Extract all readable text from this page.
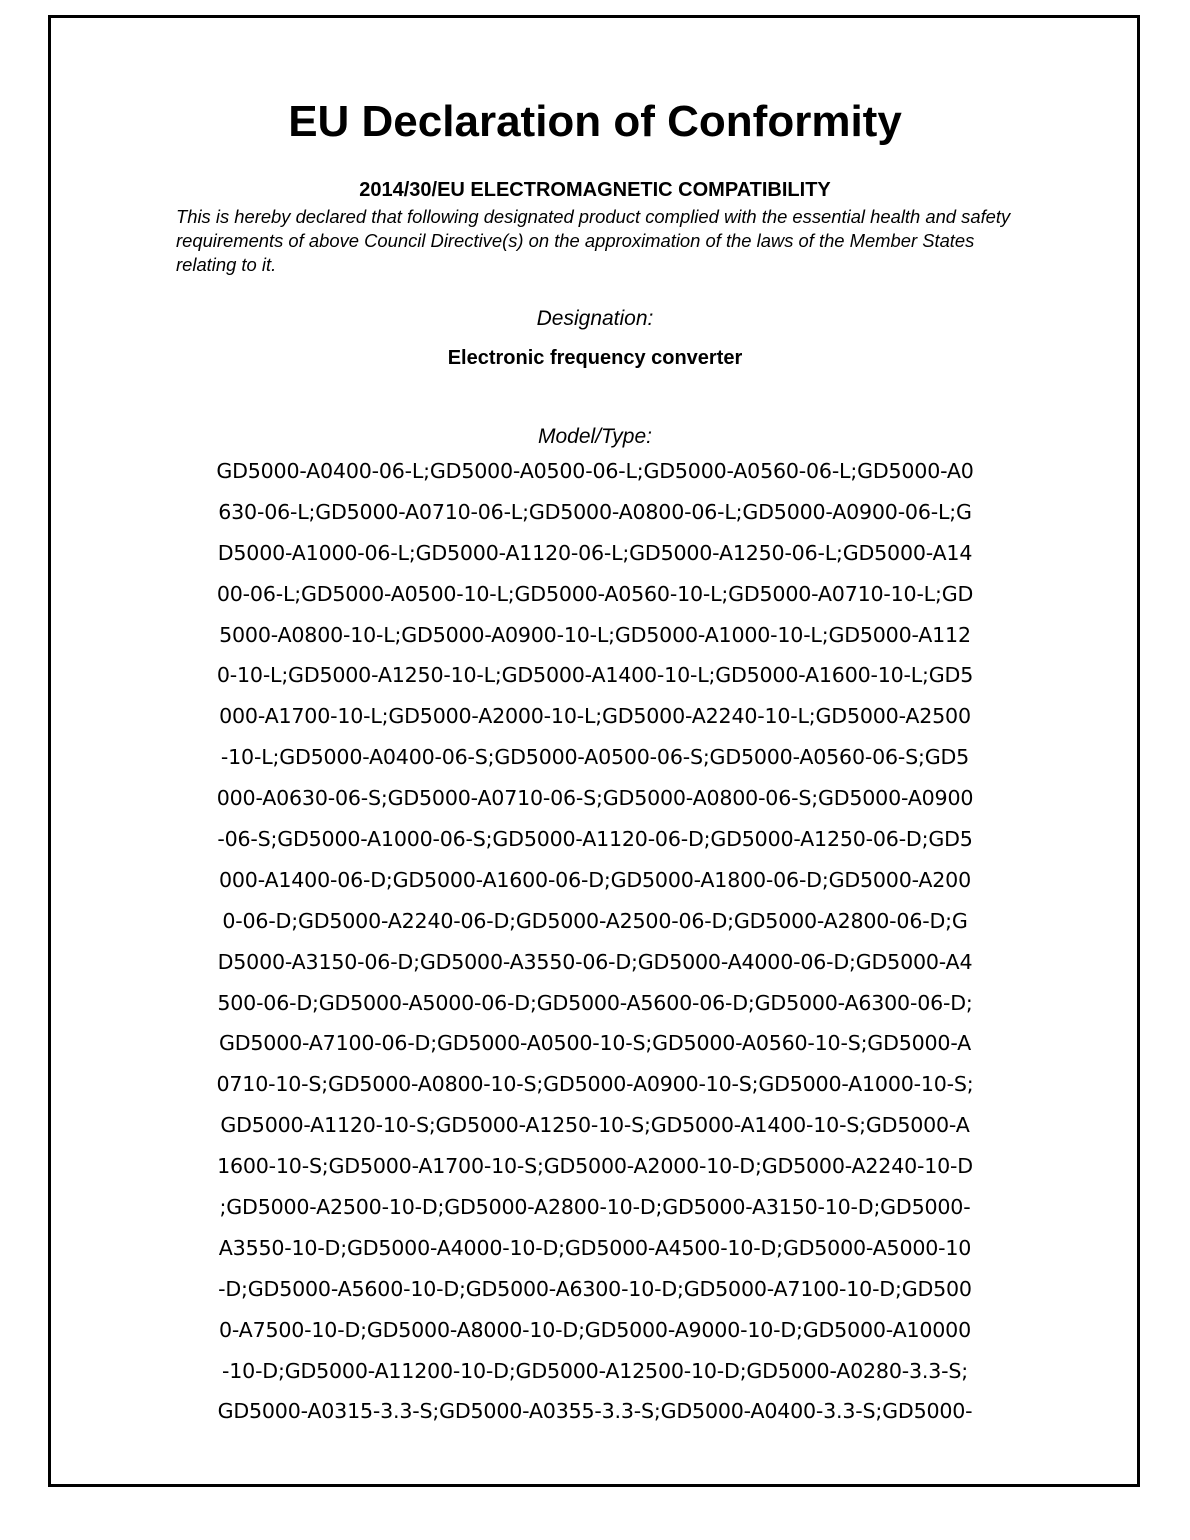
EU Declaration of Conformity

2014/30/EU ELECTROMAGNETIC COMPATIBILITY

This is hereby declared that following designated product complied with the essential health and safety requirements of above Council Directive(s) on the approximation of the laws of the Member States relating to it.

Designation:

Electronic frequency converter

Model/Type:

GD5000-A0400-06-L;GD5000-A0500-06-L;GD5000-A0560-06-L;GD5000-A0
630-06-L;GD5000-A0710-06-L;GD5000-A0800-06-L;GD5000-A0900-06-L;G
D5000-A1000-06-L;GD5000-A1120-06-L;GD5000-A1250-06-L;GD5000-A14
00-06-L;GD5000-A0500-10-L;GD5000-A0560-10-L;GD5000-A0710-10-L;GD
5000-A0800-10-L;GD5000-A0900-10-L;GD5000-A1000-10-L;GD5000-A112
0-10-L;GD5000-A1250-10-L;GD5000-A1400-10-L;GD5000-A1600-10-L;GD5
000-A1700-10-L;GD5000-A2000-10-L;GD5000-A2240-10-L;GD5000-A2500
-10-L;GD5000-A0400-06-S;GD5000-A0500-06-S;GD5000-A0560-06-S;GD5
000-A0630-06-S;GD5000-A0710-06-S;GD5000-A0800-06-S;GD5000-A0900
-06-S;GD5000-A1000-06-S;GD5000-A1120-06-D;GD5000-A1250-06-D;GD5
000-A1400-06-D;GD5000-A1600-06-D;GD5000-A1800-06-D;GD5000-A200
0-06-D;GD5000-A2240-06-D;GD5000-A2500-06-D;GD5000-A2800-06-D;G
D5000-A3150-06-D;GD5000-A3550-06-D;GD5000-A4000-06-D;GD5000-A4
500-06-D;GD5000-A5000-06-D;GD5000-A5600-06-D;GD5000-A6300-06-D;
GD5000-A7100-06-D;GD5000-A0500-10-S;GD5000-A0560-10-S;GD5000-A
0710-10-S;GD5000-A0800-10-S;GD5000-A0900-10-S;GD5000-A1000-10-S;
GD5000-A1120-10-S;GD5000-A1250-10-S;GD5000-A1400-10-S;GD5000-A
1600-10-S;GD5000-A1700-10-S;GD5000-A2000-10-D;GD5000-A2240-10-D
;GD5000-A2500-10-D;GD5000-A2800-10-D;GD5000-A3150-10-D;GD5000-
A3550-10-D;GD5000-A4000-10-D;GD5000-A4500-10-D;GD5000-A5000-10
-D;GD5000-A5600-10-D;GD5000-A6300-10-D;GD5000-A7100-10-D;GD500
0-A7500-10-D;GD5000-A8000-10-D;GD5000-A9000-10-D;GD5000-A10000
-10-D;GD5000-A11200-10-D;GD5000-A12500-10-D;GD5000-A0280-3.3-S;
GD5000-A0315-3.3-S;GD5000-A0355-3.3-S;GD5000-A0400-3.3-S;GD5000-
